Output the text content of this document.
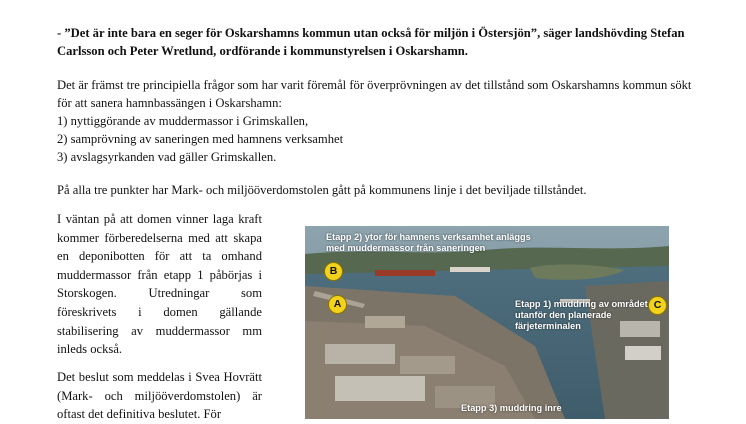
- ”Det är inte bara en seger för Oskarshamns kommun utan också för miljön i Östersjön”, säger landshövding Stefan Carlsson och Peter Wretlund, ordförande i kommunstyrelsen i Oskarshamn.

Det är främst tre principiella frågor som har varit föremål för överprövningen av det tillstånd som Oskarshamns kommun sökt för att sanera hamnbassängen i Oskarshamn:

1) nyttiggörande av muddermassor i Grimskallen,
2) samprövning av saneringen med hamnens verksamhet
3) avslagsyrkanden vad gäller Grimskallen.

På alla tre punkter har Mark- och miljööverdomstolen gått på kommunens linje i det beviljade tillståndet.

I väntan på att domen vinner laga kraft kommer förberedelserna med att skapa en deponibotten för att ta omhand muddermassor från etapp 1 påbörjas i Storskogen. Utredningar som föreskrivets i domen gällande stabilisering av muddermassor mm inleds också.

Det beslut som meddelas i Svea Hovrätt (Mark- och miljööverdomstolen) är oftast det definitiva beslutet. För

Etapp 2) ytor för hamnens verksamhet anläggs med muddermassor från saneringen
Etapp 1) muddring av området utanför den planerade färjeterminalen
Etapp 3) muddring inre
B
A	C
